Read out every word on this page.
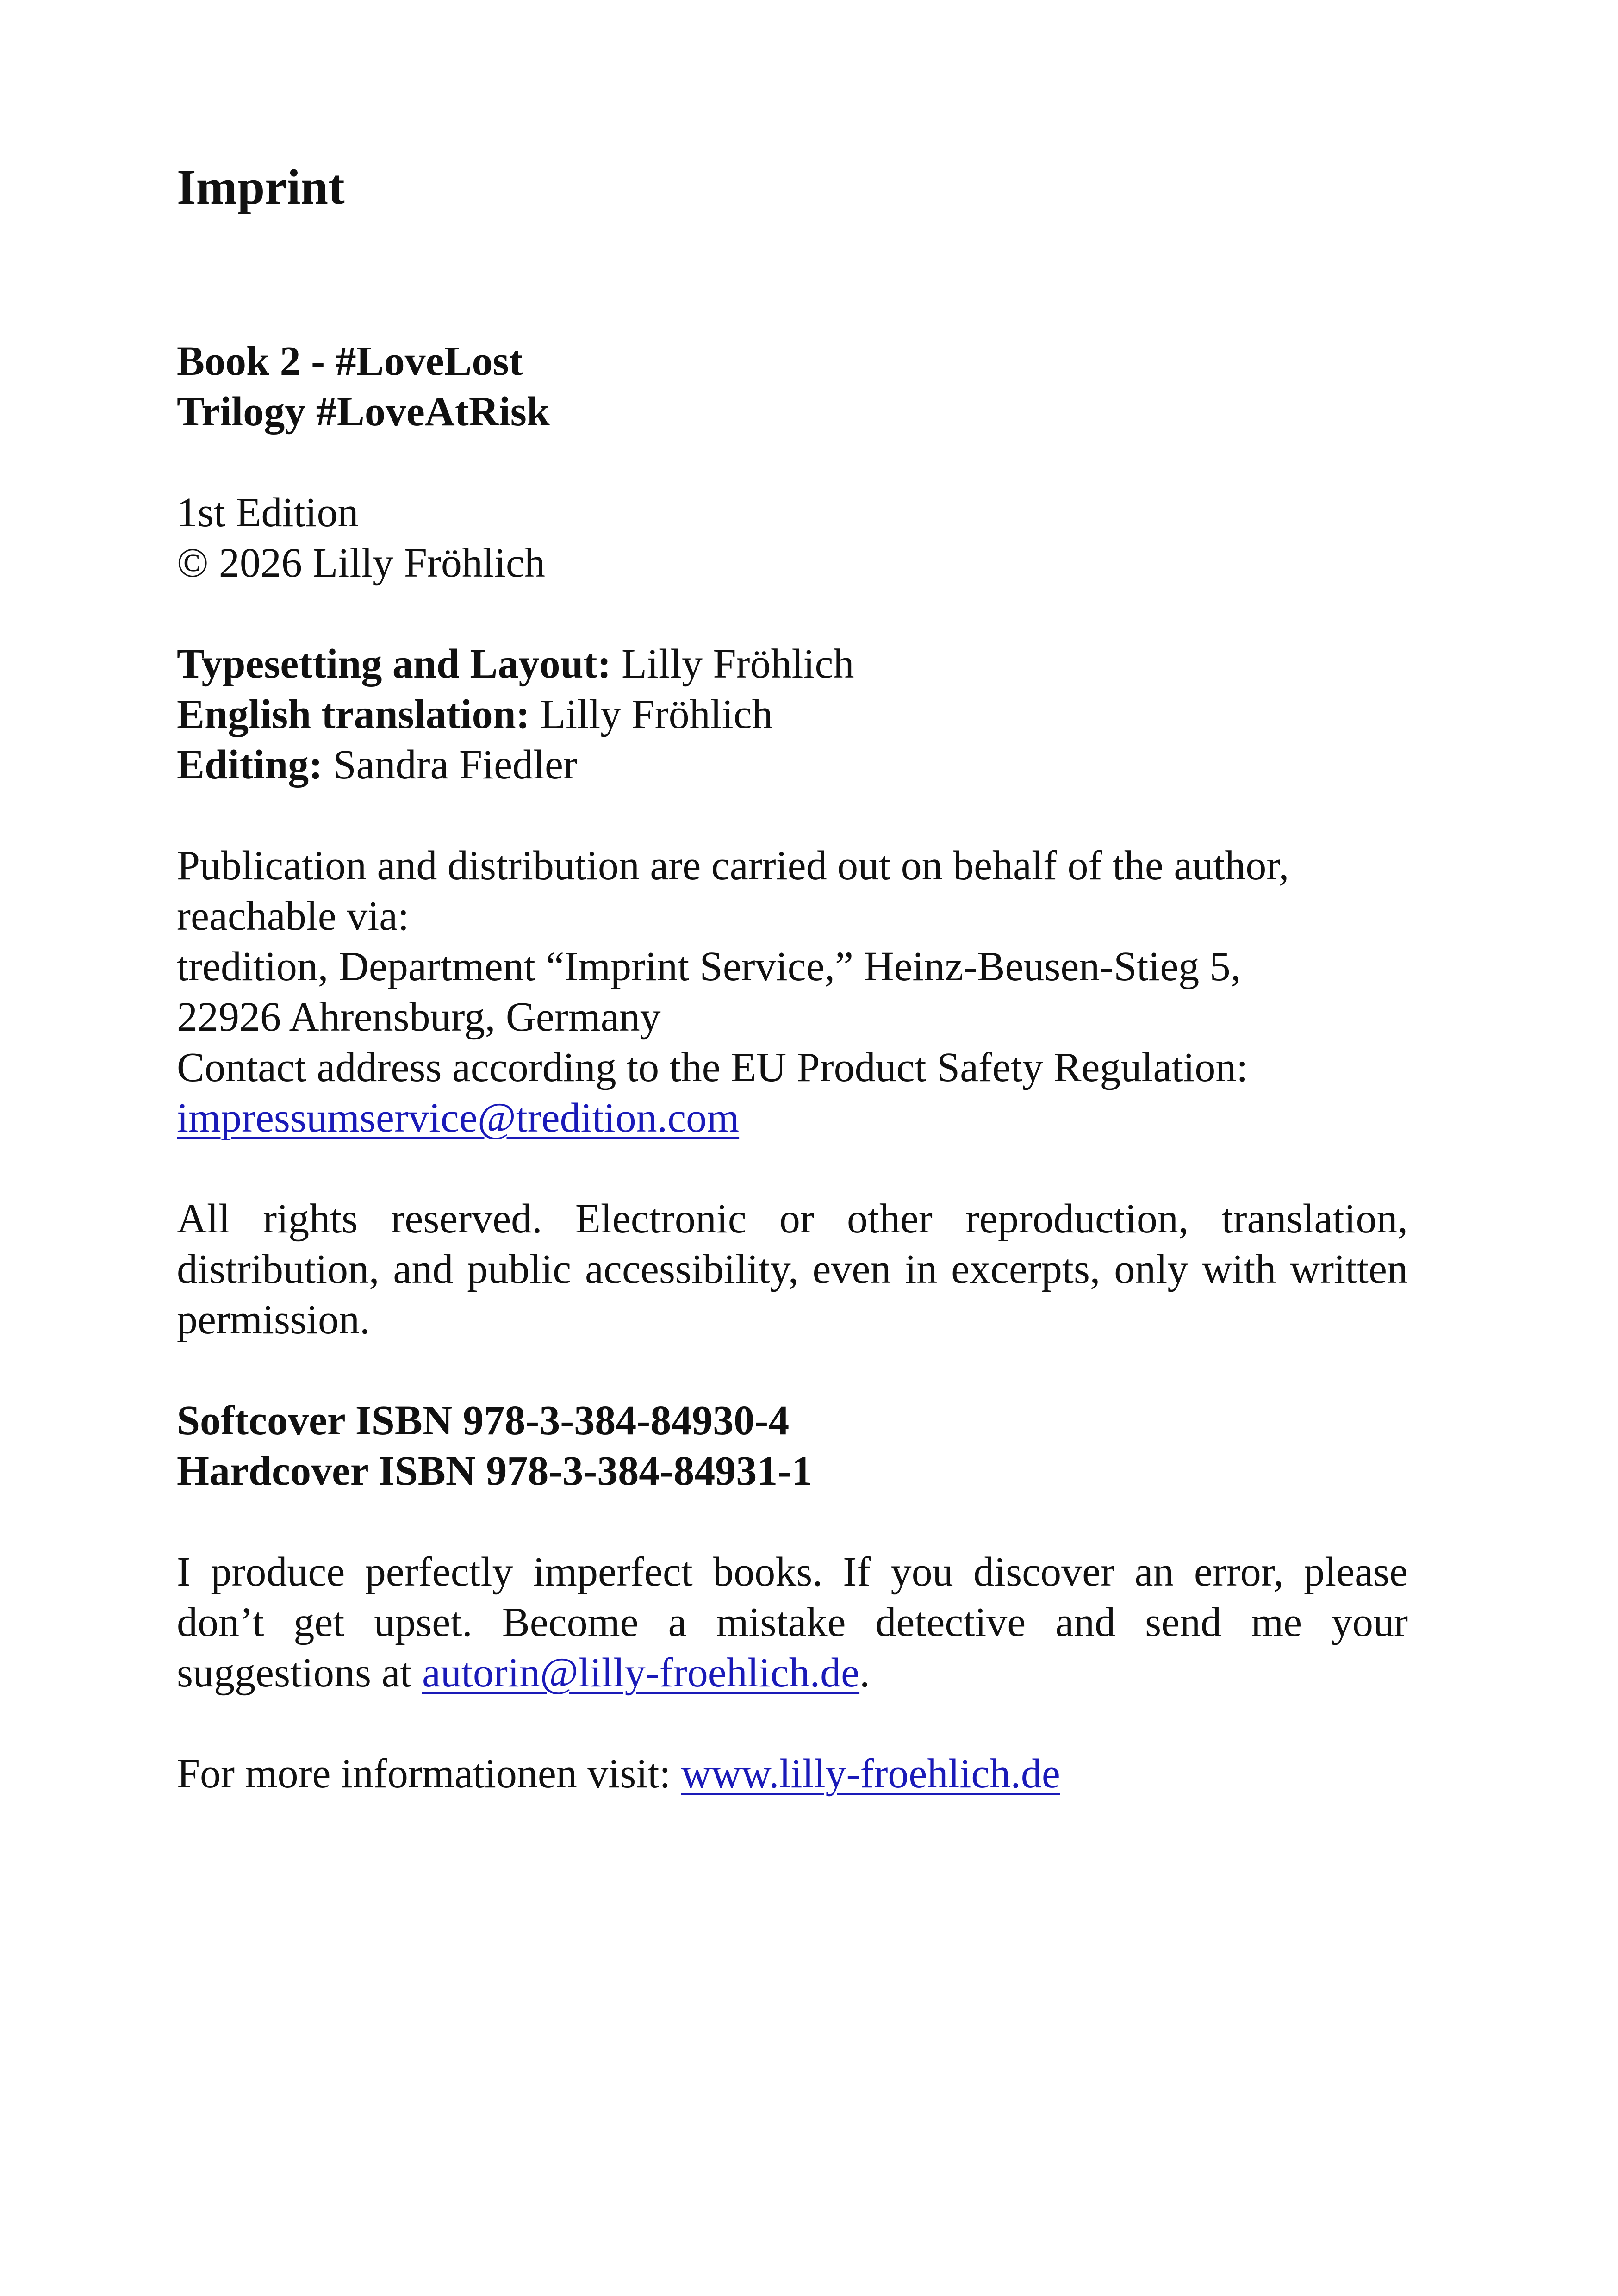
Imprint
Book 2 - #LoveLost
Trilogy #LoveAtRisk
1st Edition
© 2026 Lilly Fröhlich
Typesetting and Layout: Lilly Fröhlich
English translation: Lilly Fröhlich
Editing: Sandra Fiedler
Publication and distribution are carried out on behalf of the author,
reachable via:
tredition, Department “Imprint Service,” Heinz-Beusen-Stieg 5,
22926 Ahrensburg, Germany
Contact address according to the EU Product Safety Regulation:
impressumservice@tredition.com
All rights reserved. Electronic or other reproduction, translation, distribution, and public accessibility, even in excerpts, only with written permission.
Softcover ISBN 978-3-384-84930-4
Hardcover ISBN 978-3-384-84931-1
I produce perfectly imperfect books. If you discover an error, please don’t get upset. Become a mistake detective and send me your suggestions at autorin@lilly-froehlich.de.
For more informationen visit: www.lilly-froehlich.de
